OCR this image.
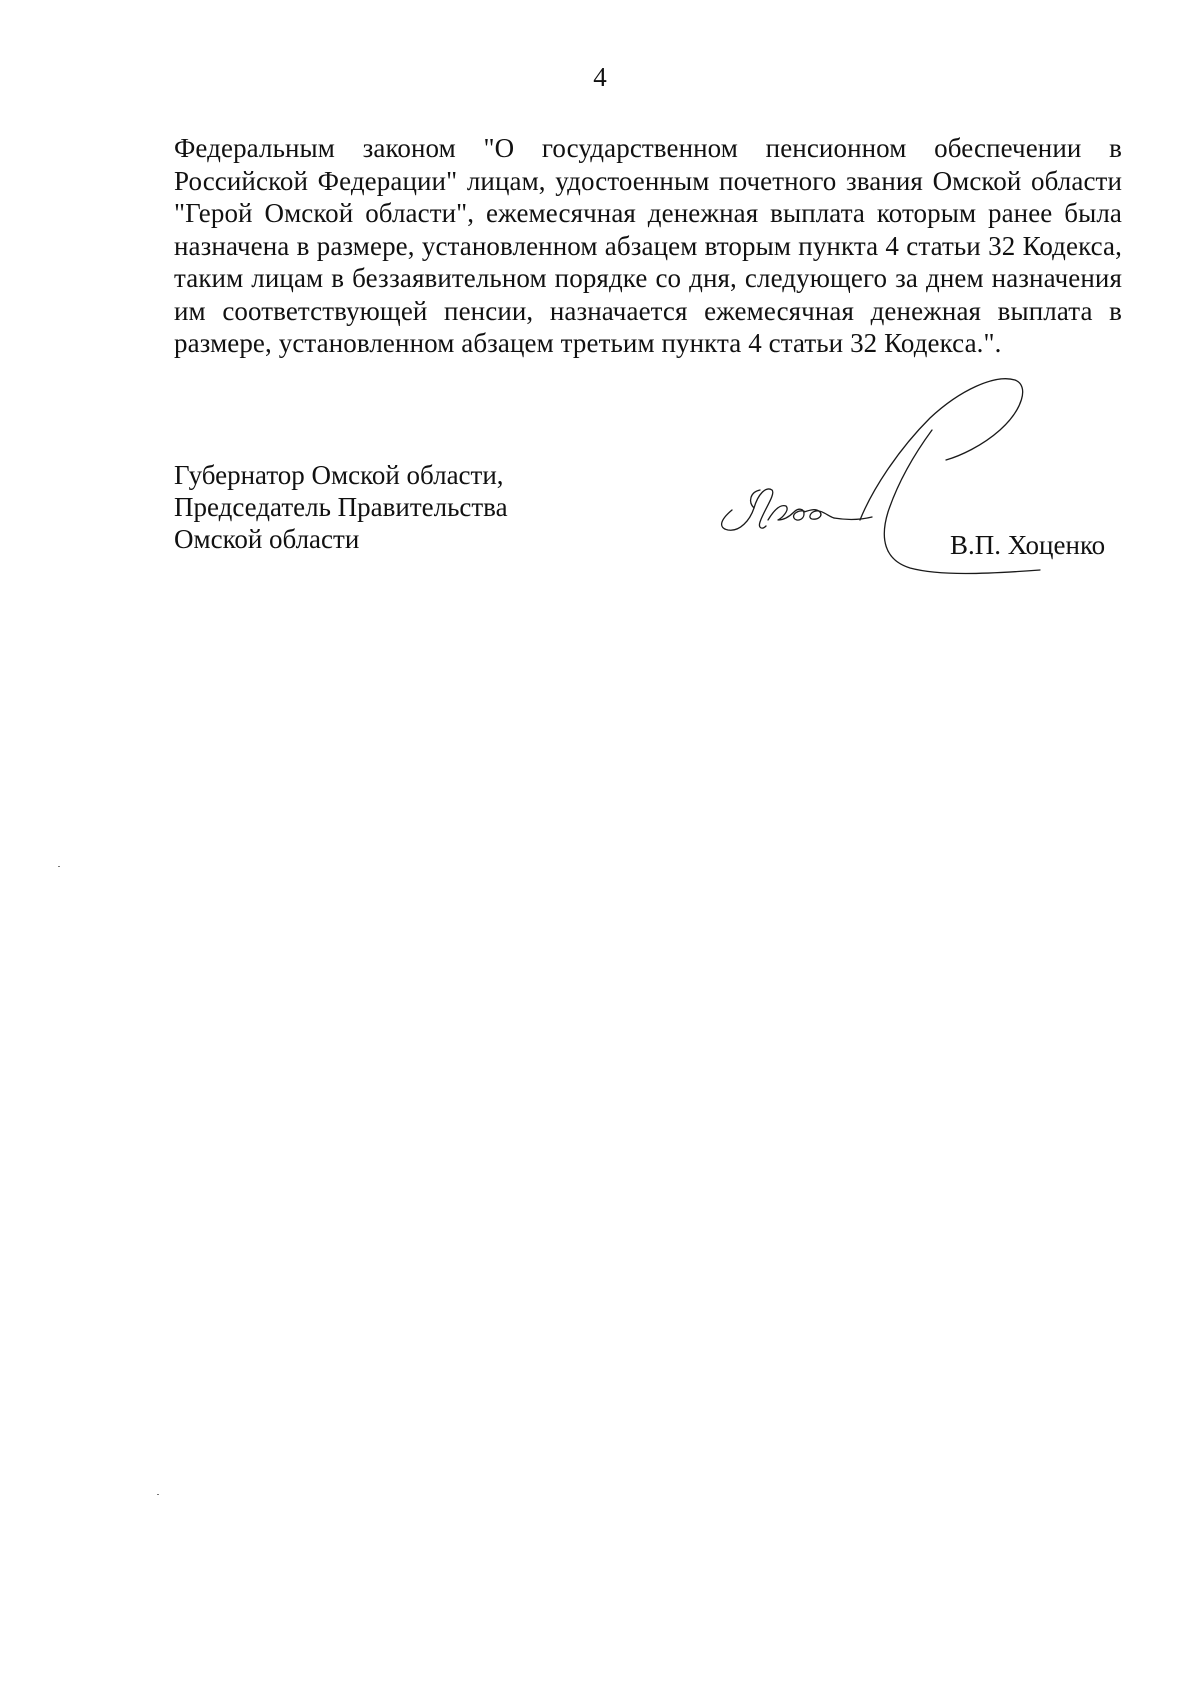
4

Федеральным законом "О государственном пенсионном обеспечении в Российской Федерации" лицам, удостоенным почетного звания Омской области "Герой Омской области", ежемесячная денежная выплата которым ранее была назначена в размере, установленном абзацем вторым пункта 4 статьи 32 Кодекса, таким лицам в беззаявительном порядке со дня, следующего за днем назначения им соответствующей пенсии, назначается ежемесячная денежная выплата в размере, установленном абзацем третьим пункта 4 статьи 32 Кодекса.".

Губернатор Омской области,
Председатель Правительства
Омской области	В.П. Хоценко
